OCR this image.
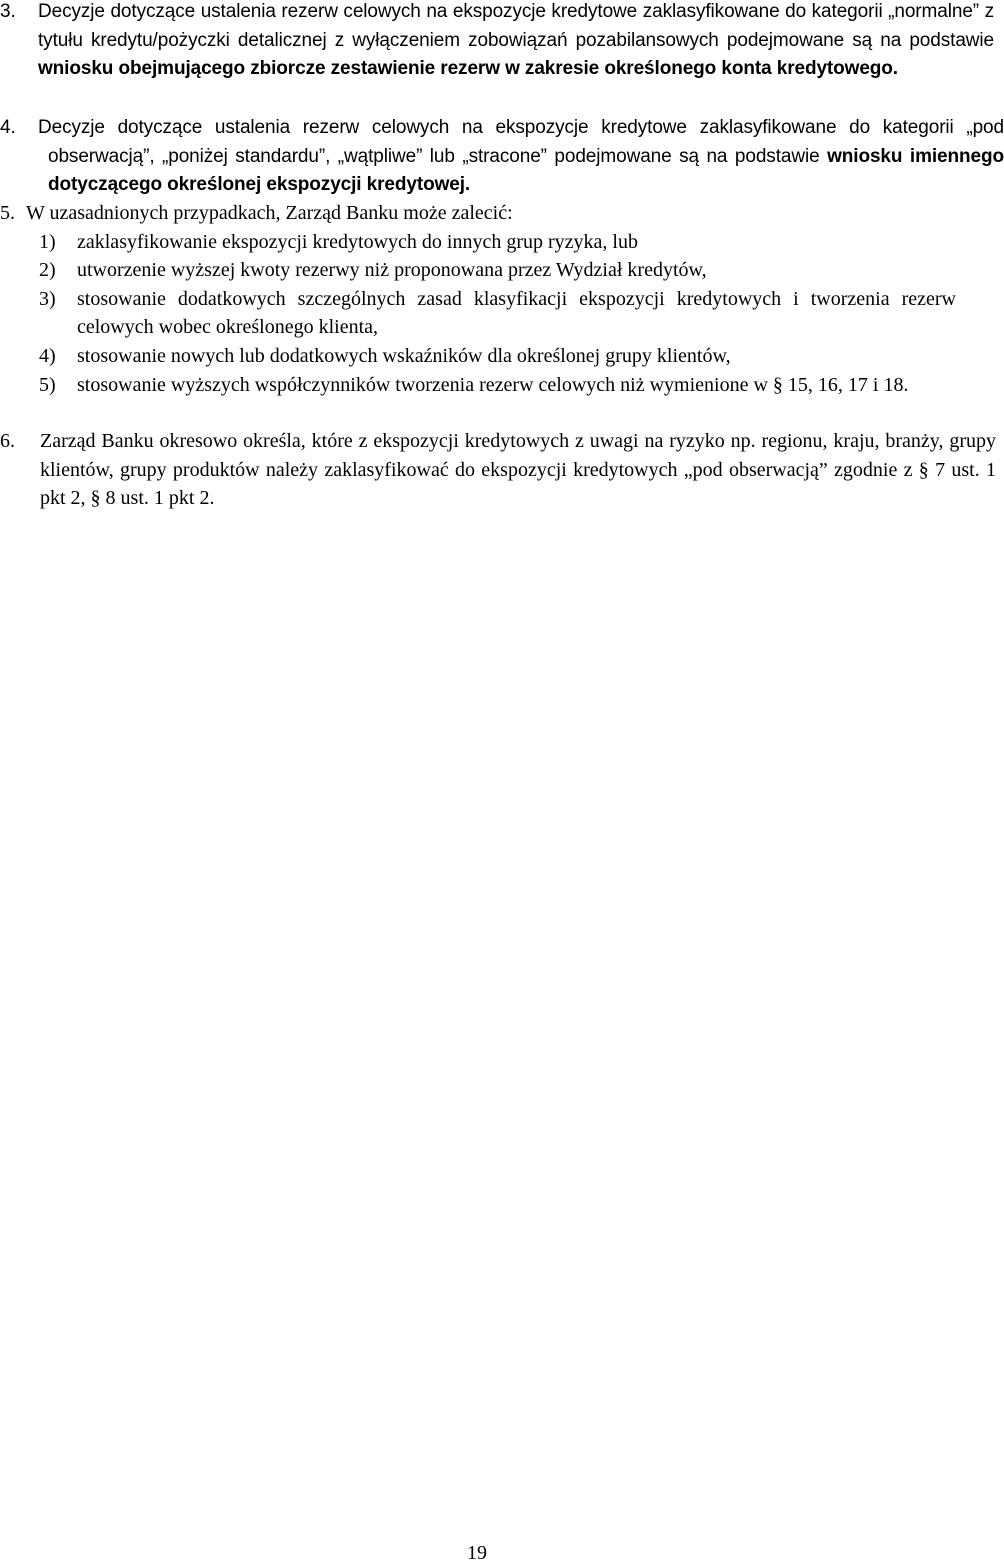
3. Decyzje dotyczące ustalenia rezerw celowych na ekspozycje kredytowe zaklasyfikowane do kategorii „normalne” z tytułu kredytu/pożyczki detalicznej z wyłączeniem zobowiązań pozabilansowych podejmowane są na podstawie wniosku obejmującego zbiorcze zestawienie rezerw w zakresie określonego konta kredytowego.

4. Decyzje dotyczące ustalenia rezerw celowych na ekspozycje kredytowe zaklasyfikowane do kategorii „pod obserwacją”, „poniżej standardu”, „wątpliwe” lub „stracone” podejmowane są na podstawie wniosku imiennego dotyczącego określonej ekspozycji kredytowej.

5. W uzasadnionych przypadkach, Zarząd Banku może zalecić:

1) zaklasyfikowanie ekspozycji kredytowych do innych grup ryzyka, lub
2) utworzenie wyższej kwoty rezerwy niż proponowana przez Wydział kredytów,
3) stosowanie dodatkowych szczególnych zasad klasyfikacji ekspozycji kredytowych i tworzenia rezerw celowych wobec określonego klienta,
4) stosowanie nowych lub dodatkowych wskaźników dla określonej grupy klientów,
5) stosowanie wyższych współczynników tworzenia rezerw celowych niż wymienione w § 15, 16, 17 i 18.

6. Zarząd Banku okresowo określa, które z ekspozycji kredytowych z uwagi na ryzyko np. regionu, kraju, branży, grupy klientów, grupy produktów należy zaklasyfikować do ekspozycji kredytowych „pod obserwacją” zgodnie z § 7 ust. 1 pkt 2, § 8 ust. 1 pkt 2.

19
